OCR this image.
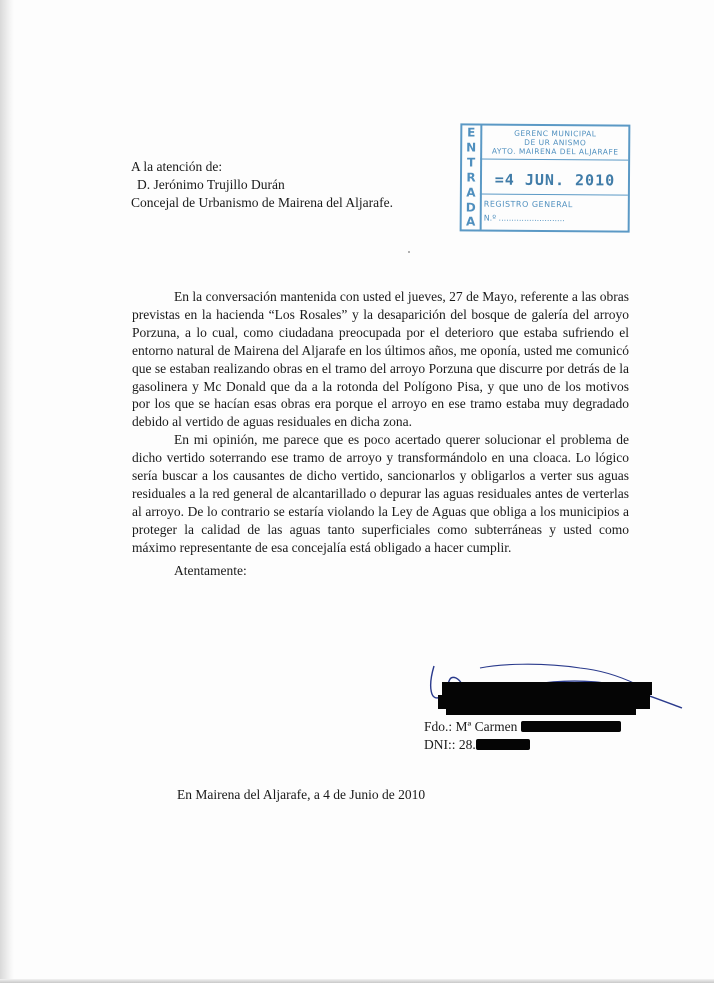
A la atención de:
D. Jerónimo Trujillo Durán
Concejal de Urbanismo de Mairena del Aljarafe.
E
N
T
R
A
D
A
GERENC MUNICIPAL
DE UR ANISMO
AYTO. MAIRENA DEL ALJARAFE
=4 JUN. 2010
REGISTRO GENERAL
N.º ..........................

En la conversación mantenida con usted el jueves, 27 de Mayo, referente a las obras previstas en la hacienda “Los Rosales” y la desaparición del bosque de galería del arroyo Porzuna, a lo cual, como ciudadana preocupada por el deterioro que estaba sufriendo el entorno natural de Mairena del Aljarafe en los últimos años, me oponía, usted me comunicó que se estaban realizando obras en el tramo del arroyo Porzuna que discurre por detrás de la gasolinera y Mc Donald que da a la rotonda del Polígono Pisa, y que uno de los motivos por los que se hacían esas obras era porque el arroyo en ese tramo estaba muy degradado debido al vertido de aguas residuales en dicha zona.

En mi opinión, me parece que es poco acertado querer solucionar el problema de dicho vertido soterrando ese tramo de arroyo y transformándolo en una cloaca. Lo lógico sería buscar a los causantes de dicho vertido, sancionarlos y obligarlos a verter sus aguas residuales a la red general de alcantarillado o depurar las aguas residuales antes de verterlas al arroyo. De lo contrario se estaría violando la Ley de Aguas que obliga a los municipios a proteger la calidad de las aguas tanto superficiales como subterráneas y usted como máximo representante de esa concejalía está obligado a hacer cumplir.

Atentamente:
Fdo.: Mª Carmen
DNI:: 28.
En Mairena del Aljarafe, a 4 de Junio de 2010
